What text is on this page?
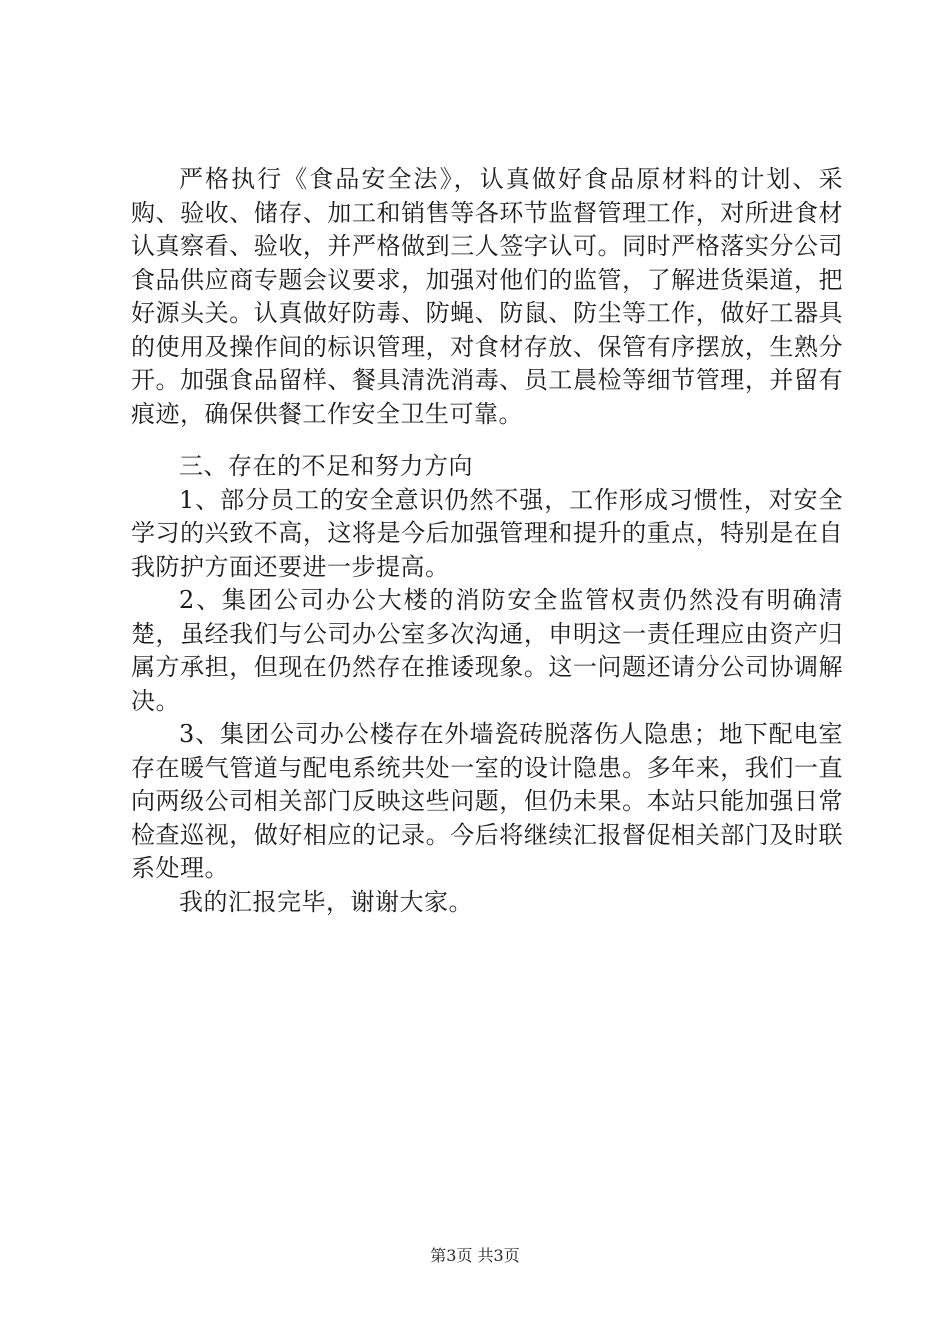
严格执行《食品安全法》，认真做好食品原材料的计划、采购、验收、储存、加工和销售等各环节监督管理工作，对所进食材认真察看、验收，并严格做到三人签字认可。同时严格落实分公司食品供应商专题会议要求，加强对他们的监管，了解进货渠道，把好源头关。认真做好防毒、防蝇、防鼠、防尘等工作，做好工器具的使用及操作间的标识管理，对食材存放、保管有序摆放，生熟分开。加强食品留样、餐具清洗消毒、员工晨检等细节管理，并留有痕迹，确保供餐工作安全卫生可靠。

三、存在的不足和努力方向

1、部分员工的安全意识仍然不强，工作形成习惯性，对安全学习的兴致不高，这将是今后加强管理和提升的重点，特别是在自我防护方面还要进一步提高。

2、集团公司办公大楼的消防安全监管权责仍然没有明确清楚，虽经我们与公司办公室多次沟通，申明这一责任理应由资产归属方承担，但现在仍然存在推诿现象。这一问题还请分公司协调解决。

3、集团公司办公楼存在外墙瓷砖脱落伤人隐患；地下配电室存在暖气管道与配电系统共处一室的设计隐患。多年来，我们一直向两级公司相关部门反映这些问题，但仍未果。本站只能加强日常检查巡视，做好相应的记录。今后将继续汇报督促相关部门及时联系处理。

我的汇报完毕，谢谢大家。

第3页 共3页
